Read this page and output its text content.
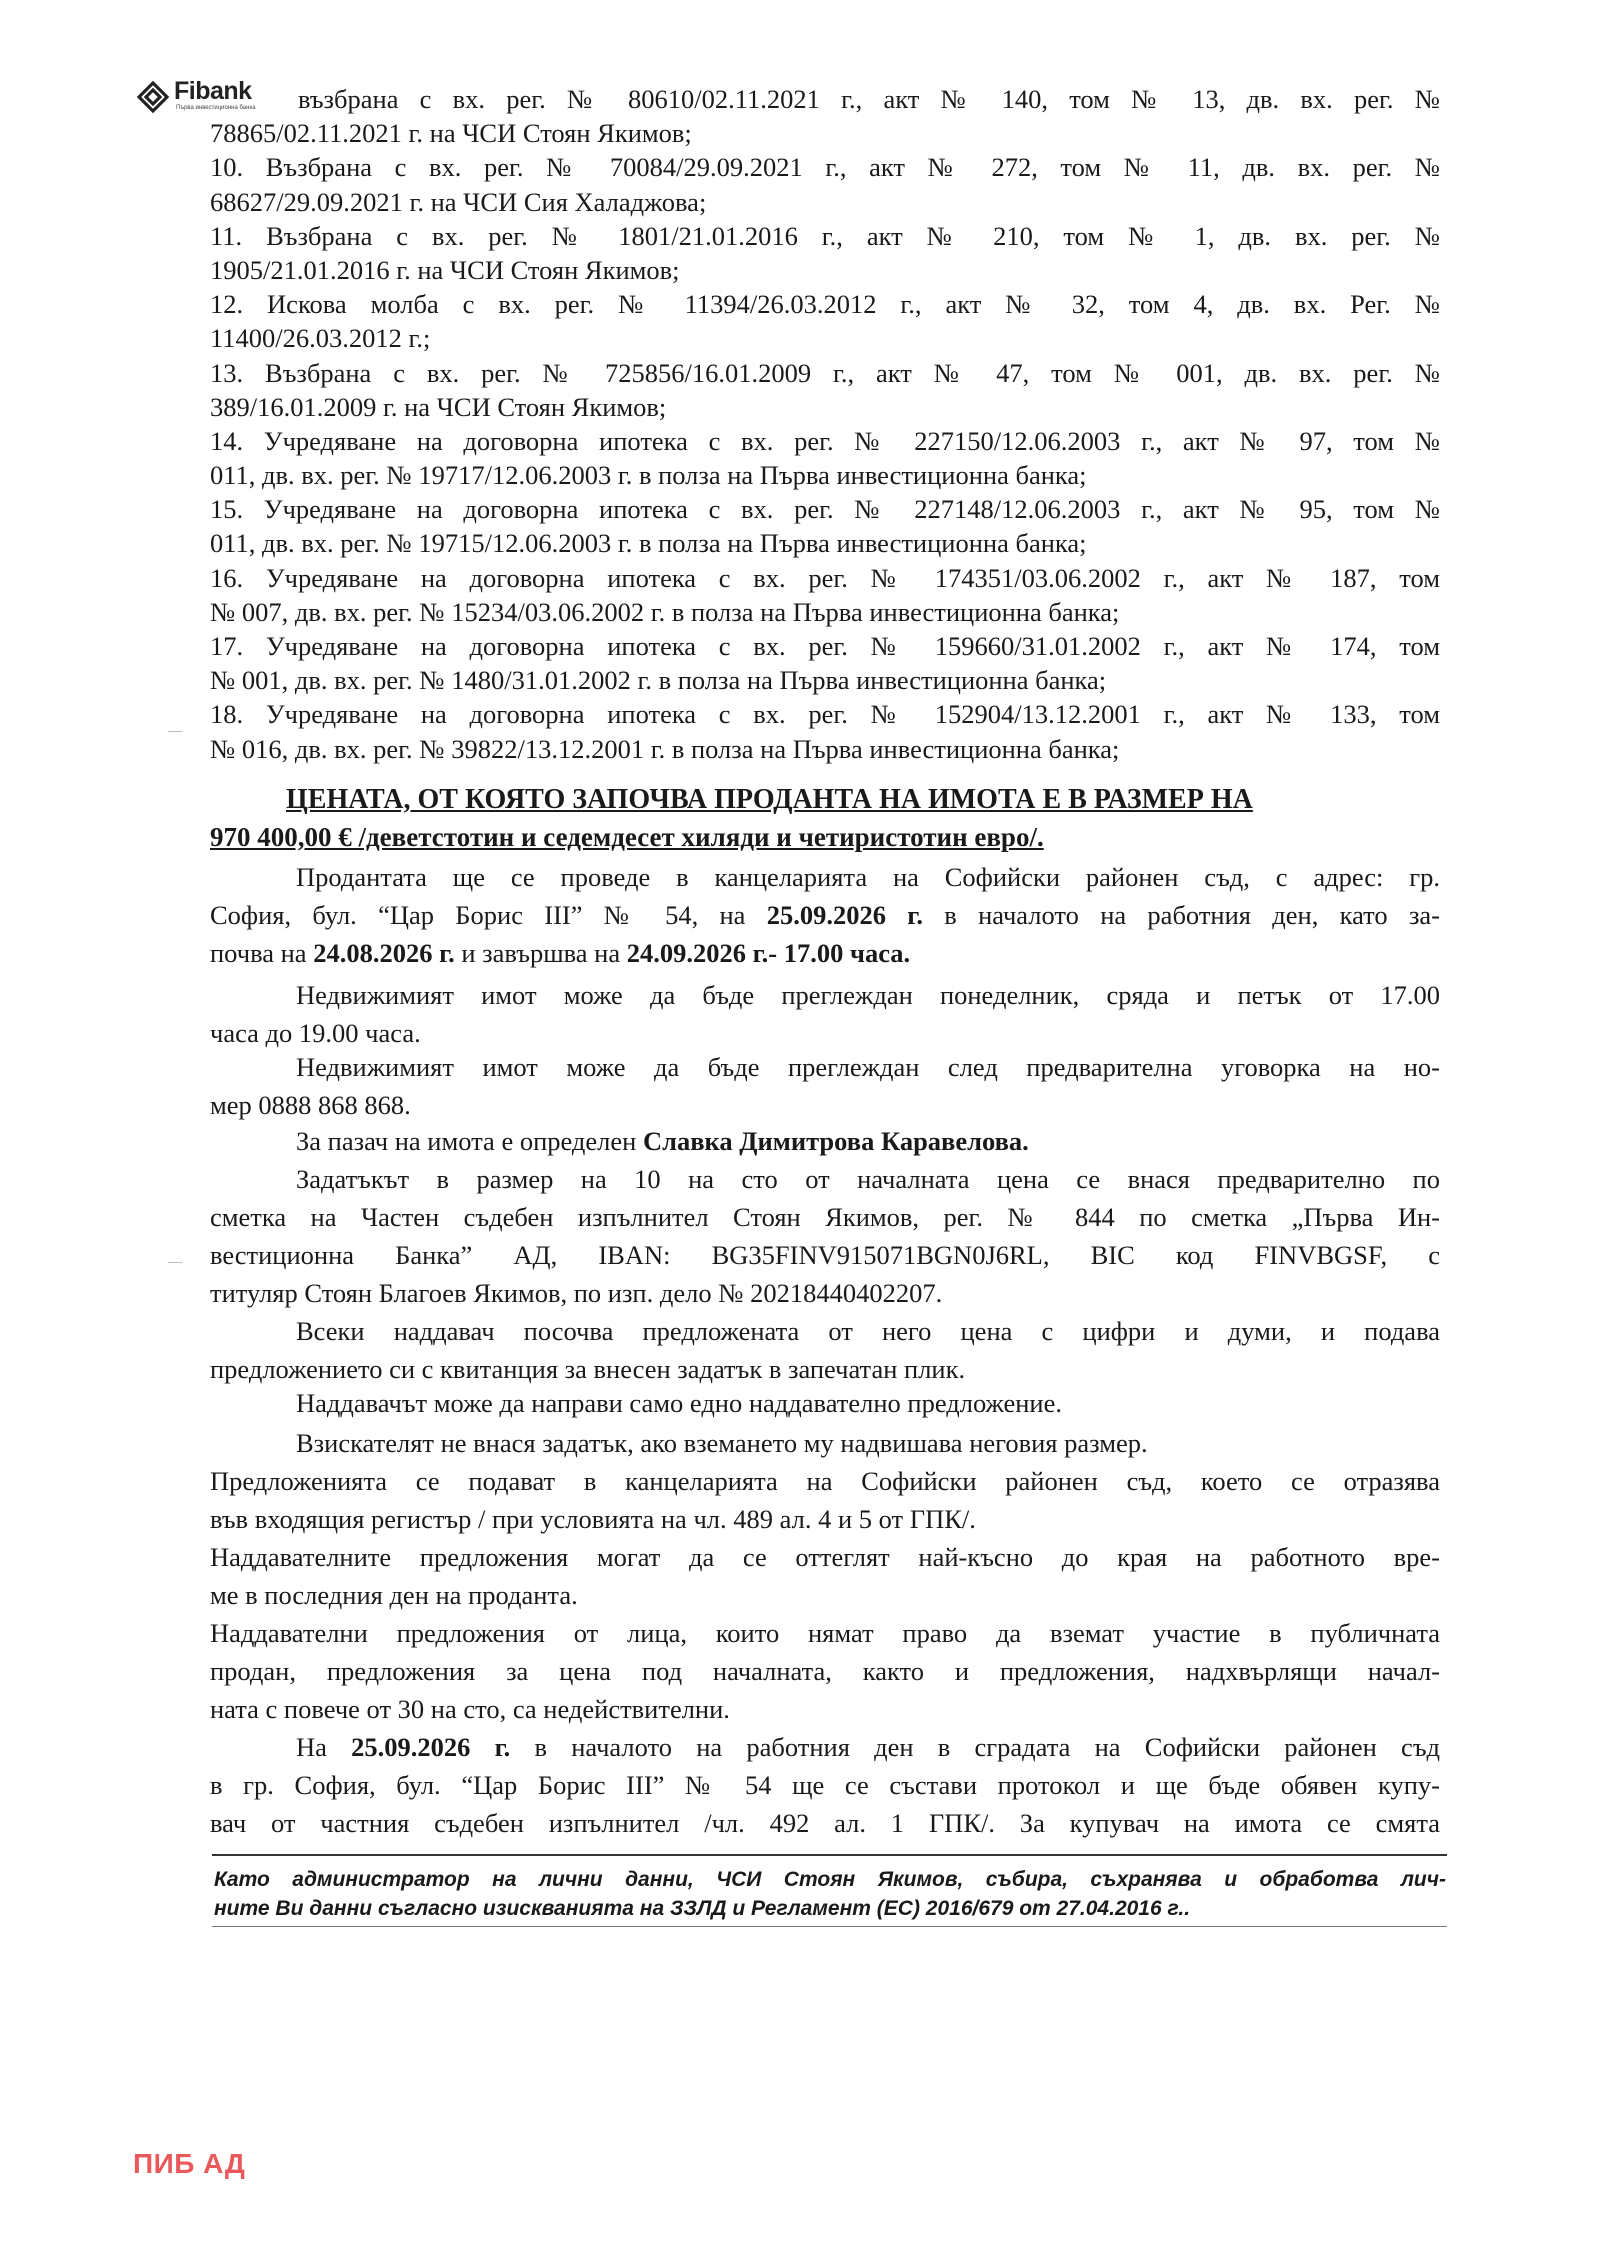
Fibank
Първа инвестиционна банка	възбрана с вх. рег. № 80610/02.11.2021 г., акт № 140, том № 13, дв. вх. рег. №
78865/02.11.2021 г. на ЧСИ Стоян Якимов;
10. Възбрана с вх. рег. № 70084/29.09.2021 г., акт № 272, том № 11, дв. вх. рег. №
68627/29.09.2021 г. на ЧСИ Сия Халаджова;
11. Възбрана с вх. рег. № 1801/21.01.2016 г., акт № 210, том № 1, дв. вх. рег. №
1905/21.01.2016 г. на ЧСИ Стоян Якимов;
12. Искова молба с вх. рег. № 11394/26.03.2012 г., акт № 32, том 4, дв. вх. Рег. №
11400/26.03.2012 г.;
13. Възбрана с вх. рег. № 725856/16.01.2009 г., акт № 47, том № 001, дв. вх. рег. №
389/16.01.2009 г. на ЧСИ Стоян Якимов;
14. Учредяване на договорна ипотека с вх. рег. № 227150/12.06.2003 г., акт № 97, том №
011, дв. вх. рег. № 19717/12.06.2003 г. в полза на Първа инвестиционна банка;
15. Учредяване на договорна ипотека с вх. рег. № 227148/12.06.2003 г., акт № 95, том №
011, дв. вх. рег. № 19715/12.06.2003 г. в полза на Първа инвестиционна банка;
16. Учредяване на договорна ипотека с вх. рег. № 174351/03.06.2002 г., акт № 187, том
№ 007, дв. вх. рег. № 15234/03.06.2002 г. в полза на Първа инвестиционна банка;
17. Учредяване на договорна ипотека с вх. рег. № 159660/31.01.2002 г., акт № 174, том
№ 001, дв. вх. рег. № 1480/31.01.2002 г. в полза на Първа инвестиционна банка;
18. Учредяване на договорна ипотека с вх. рег. № 152904/13.12.2001 г., акт № 133, том
№ 016, дв. вх. рег. № 39822/13.12.2001 г. в полза на Първа инвестиционна банка;
ЦЕНАТА, ОТ КОЯТО ЗАПОЧВА ПРОДАНТА НА ИМОТА Е В РАЗМЕР НА
970 400,00 € /деветстотин и седемдесет хиляди и четиристотин евро/.
Продантата ще се проведе в канцеларията на Софийски районен съд, с адрес: гр.
София, бул. “Цар Борис III” № 54, на 25.09.2026 г. в началото на работния ден, като за-
почва на 24.08.2026 г. и завършва на 24.09.2026 г.- 17.00 часа.
Недвижимият имот може да бъде преглеждан понеделник, сряда и петък от 17.00
часа до 19.00 часа.
Недвижимият имот може да бъде преглеждан след предварителна уговорка на но-
мер 0888 868 868.
За пазач на имота е определен Славка Димитрова Каравелова.
Задатъкът в размер на 10 на сто от началната цена се внася предварително по
сметка на Частен съдебен изпълнител Стоян Якимов, рег. № 844 по сметка „Първа Ин-
вестиционна Банка” АД, IBAN: BG35FINV915071BGN0J6RL, BIC код FINVBGSF, с
титуляр Стоян Благоев Якимов, по изп. дело № 20218440402207.
Всеки наддавач посочва предложената от него цена с цифри и думи, и подава
предложението си с квитанция за внесен задатък в запечатан плик.
Наддавачът може да направи само едно наддавателно предложение.
Взискателят не внася задатък, ако вземането му надвишава неговия размер.
Предложенията се подават в канцеларията на Софийски районен съд, което се отразява
във входящия регистър / при условията на чл. 489 ал. 4 и 5 от ГПК/.
Наддавателните предложения могат да се оттеглят най-късно до края на работното вре-
ме в последния ден на проданта.
Наддавателни предложения от лица, които нямат право да вземат участие в публичната
продан, предложения за цена под началната, както и предложения, надхвърлящи начал-
ната с повече от 30 на сто, са недействителни.
На 25.09.2026 г. в началото на работния ден в сградата на Софийски районен съд
в гр. София, бул. “Цар Борис III” № 54 ще се състави протокол и ще бъде обявен купу-
вач от частния съдебен изпълнител /чл. 492 ал. 1 ГПК/. За купувач на имота се смята
Като администратор на лични данни, ЧСИ Стоян Якимов, събира, съхранява и обработва лич-
ните Ви данни съгласно изискванията на ЗЗЛД и Регламент (ЕС) 2016/679 от 27.04.2016 г..
ПИБ АД
